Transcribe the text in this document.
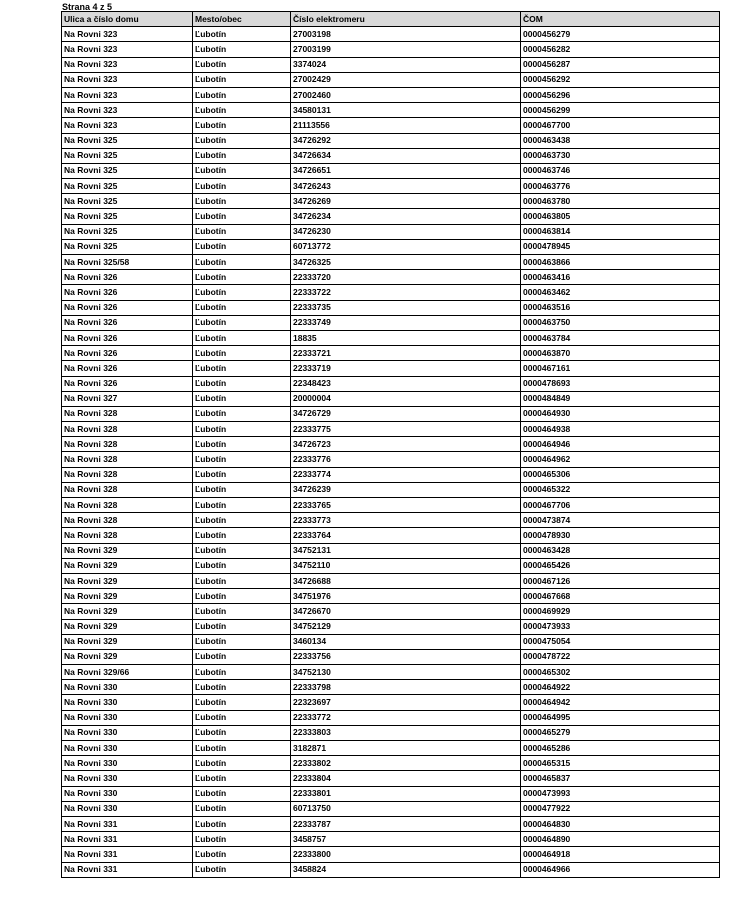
Strana 4 z 5
Ulica a číslo domu	Mesto/obec	Číslo elektromeru	ČOM
Na Rovni 323	Ľubotín	27003198	0000456279
Na Rovni 323	Ľubotín	27003199	0000456282
Na Rovni 323	Ľubotín	3374024	0000456287
Na Rovni 323	Ľubotín	27002429	0000456292
Na Rovni 323	Ľubotín	27002460	0000456296
Na Rovni 323	Ľubotín	34580131	0000456299
Na Rovni 323	Ľubotín	21113556	0000467700
Na Rovni 325	Ľubotín	34726292	0000463438
Na Rovni 325	Ľubotín	34726634	0000463730
Na Rovni 325	Ľubotín	34726651	0000463746
Na Rovni 325	Ľubotín	34726243	0000463776
Na Rovni 325	Ľubotín	34726269	0000463780
Na Rovni 325	Ľubotín	34726234	0000463805
Na Rovni 325	Ľubotín	34726230	0000463814
Na Rovni 325	Ľubotín	60713772	0000478945
Na Rovni 325/58	Ľubotín	34726325	0000463866
Na Rovni 326	Ľubotín	22333720	0000463416
Na Rovni 326	Ľubotín	22333722	0000463462
Na Rovni 326	Ľubotín	22333735	0000463516
Na Rovni 326	Ľubotín	22333749	0000463750
Na Rovni 326	Ľubotín	18835	0000463784
Na Rovni 326	Ľubotín	22333721	0000463870
Na Rovni 326	Ľubotín	22333719	0000467161
Na Rovni 326	Ľubotín	22348423	0000478693
Na Rovni 327	Ľubotín	20000004	0000484849
Na Rovni 328	Ľubotín	34726729	0000464930
Na Rovni 328	Ľubotín	22333775	0000464938
Na Rovni 328	Ľubotín	34726723	0000464946
Na Rovni 328	Ľubotín	22333776	0000464962
Na Rovni 328	Ľubotín	22333774	0000465306
Na Rovni 328	Ľubotín	34726239	0000465322
Na Rovni 328	Ľubotín	22333765	0000467706
Na Rovni 328	Ľubotín	22333773	0000473874
Na Rovni 328	Ľubotín	22333764	0000478930
Na Rovni 329	Ľubotín	34752131	0000463428
Na Rovni 329	Ľubotín	34752110	0000465426
Na Rovni 329	Ľubotín	34726688	0000467126
Na Rovni 329	Ľubotín	34751976	0000467668
Na Rovni 329	Ľubotín	34726670	0000469929
Na Rovni 329	Ľubotín	34752129	0000473933
Na Rovni 329	Ľubotín	3460134	0000475054
Na Rovni 329	Ľubotín	22333756	0000478722
Na Rovni 329/66	Ľubotín	34752130	0000465302
Na Rovni 330	Ľubotín	22333798	0000464922
Na Rovni 330	Ľubotín	22323697	0000464942
Na Rovni 330	Ľubotín	22333772	0000464995
Na Rovni 330	Ľubotín	22333803	0000465279
Na Rovni 330	Ľubotín	3182871	0000465286
Na Rovni 330	Ľubotín	22333802	0000465315
Na Rovni 330	Ľubotín	22333804	0000465837
Na Rovni 330	Ľubotín	22333801	0000473993
Na Rovni 330	Ľubotín	60713750	0000477922
Na Rovni 331	Ľubotín	22333787	0000464830
Na Rovni 331	Ľubotín	3458757	0000464890
Na Rovni 331	Ľubotín	22333800	0000464918
Na Rovni 331	Ľubotín	3458824	0000464966
